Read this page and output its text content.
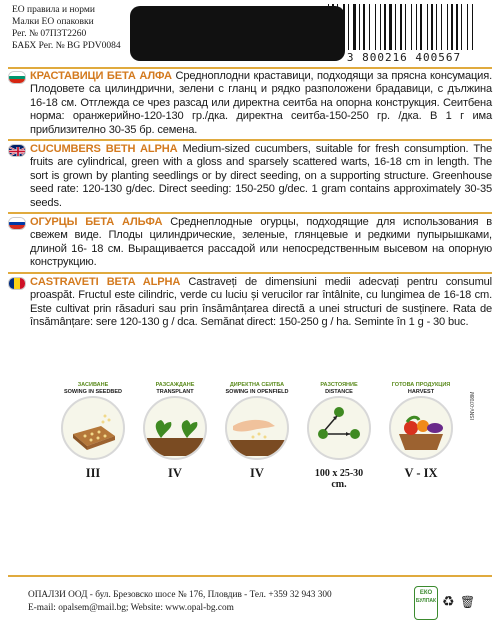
ЕО правила и норми
Малки ЕО опаковки
Рег. № 07П3Т2260
БАБХ Рег. № BG PDV0084
3 800216 400567
КРАСТАВИЦИ БЕТА АЛФА Средноплодни краставици, подходящи за прясна консумация. Плодовете са цилиндрични, зелени с гланц и рядко разположени брадавици, с дължина 16-18 см. Отглежда се чрез разсад или директна сеитба на опорна конструкция. Сеитбена норма: оранжерийно-120-130 гр./дка. директна сеитба-150-250 гр. /дка. В 1 г има приблизително 30-35 бр. семена.
CUCUMBERS BETH ALPHA Medium-sized cucumbers, suitable for fresh consumption. The fruits are cylindrical, green with a gloss and sparsely scattered warts, 16-18 cm in length. The sort is grown by planting seedlings or by direct seeding, on a supporting structure. Greenhouse seed rate: 120-130 g/dec. Direct seeding: 150-250 g/dec. 1 gram contains approximately 30-35 seeds.
ОГУРЦЫ БЕТА АЛЬФА Среднеплодные огурцы, подходящие для использования в свежем виде. Плоды цилиндрические, зеленые, глянцевые и редкими пупырышками, длиной 16- 18 см. Выращивается рассадой или непосредственным высевом на опорную конструкцию.
CASTRAVETI BETA ALPHA Castraveți de dimensiuni medii adecvați pentru consumul proaspăt. Fructul este cilindric, verde cu luciu și verucilor rar întâlnite, cu lungimea de 16-18 cm. Este cultivat prin răsaduri sau prin însămânțarea directă a unei structuri de susținere. Rata de însămânțare: sere 120-130 g / dca. Semănat direct: 150-250 g / ha. Seminte în 1 g - 30 buc.
ЗАСИВАНЕ
SOWING IN SEEDBED
III
РАЗСАЖДАНЕ
TRANSPLANT
IV
ДИРЕКТНА СЕИТБА
SOWING IN OPENFIELD
IV
РАЗСТОЯНИЕ
DISTANCE
100 x 25-30 cm.
ГОТОВА ПРОДУКЦИЯ
HARVEST
V - IX
ISNV-0708M
ОПАЛЗИ ООД - бул. Брезовско шосе № 176, Пловдив - Тел. +359 32 943 300
E-mail: opalsem@mail.bg; Website: www.opal-bg.com
ЕКО
БУЛПАК ♻ 🗑
